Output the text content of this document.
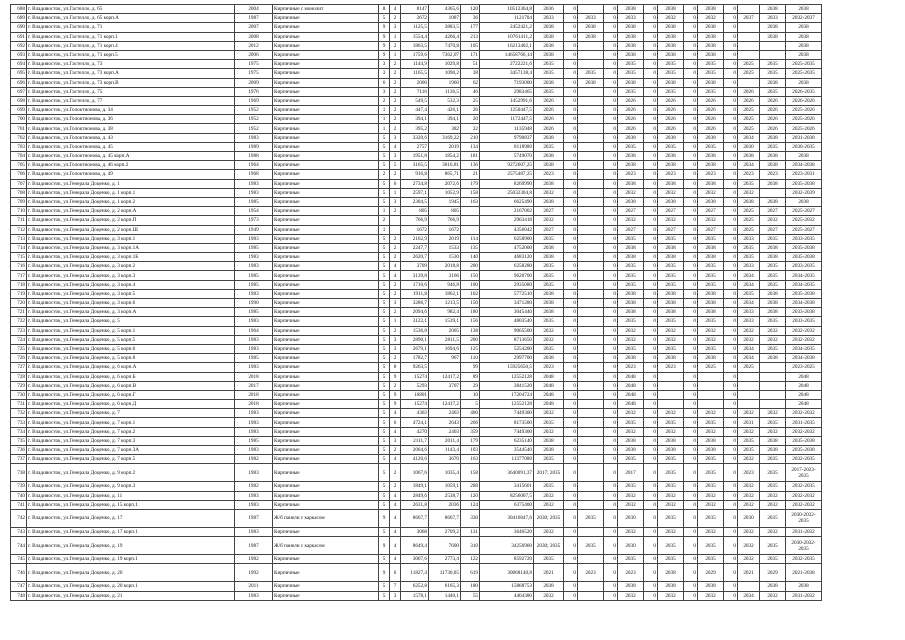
688	г. Владивосток, ул.Гастелло, д. 65	2004	Кирпичные с монолит	8	4	8147	4365,6	120	10512364,8	2036	0		0	2038	0	2038	0	2038	0		2038	2038
689	г. Владивосток, ул.Гастелло, д. 65 корп.А	1987	Кирпичные	5	2	2672	1087	36	1121704	2033	0	2033	0	2033	0	2032	0	2032	0	2037	2033	2032-2037
690	г. Владивосток, ул.Гастелло, д. 71	2007	Кирпичные	9	3	1125,5	3883,5	177	2452421,2	2038	0	2038	0	2038	0	2038	0	2038	0		2038	2038
691	г. Владивосток, ул.Гастелло, д. 71 корп.1	2008	Кирпичные	9	1	1554,4	4266,4	213	10761411,2	2038	0	2038	0	2038	0	2038	0	2038	0		2038	2038
692	г. Владивосток, ул.Гастелло, д. 71 корп.4	2012	Кирпичные	9	2	1863,5	7470,8	105	16213402,1	2038	0		0	2038	0	2038	0	2038	0			2038
693	г. Владивосток, ул.Гастелло, д. 71 корп.5	2006	Кирпичные	9	1	1759,6	7362,07	171	14658766,14	2038	0		0	2038	0	2038	0	2038	0			2038
694	г. Владивосток, ул.Гастелло, д. 73	1975	Кирпичные	3	2	1144,9	1029,8	51	2722221,6	2035	0		0	2035	0	2035	0	2035	0	2025	2035	2025-2035
695	г. Владивосток, ул.Гастелло, д. 73 корп.А	1975	Кирпичные	3	2	1165,5	1090,2	38	3457138,4	2035	0	2035	0	2035	0	2035	0	2035	0	2025	2035	2025-2035
696	г. Владивосток, ул.Гастелло, д. 73 корп.В	2009	Кирпичные	6	2	2000	1960	62	7193000	2038	0	2038	0	2038	0	2038	0	2038	0		2038	2038
697	г. Владивосток, ул.Гастелло, д. 75	1976	Кирпичные	3	2	7116	1136,5	46	2983465	2035	0		0	2035	0	2035	0	2035	0	2026	2035	2026-2035
698	г. Владивосток, ул.Гастелло, д. 77	1969	Кирпичные	2	2	549,5	532,3	25	1452991,6	2026	0		0	2026	0	2026	0	2026	0	2026	2026	2026-2026
699	г. Владивосток, ул.Голоктионова, д. 34	1952	Кирпичные	1	2	447,4	426,1	26	1250447,5	2026	0		0	2026	0	2026	0	2026	0	2025	2026	2025-2026
700	г. Владивосток, ул.Голоктионова, д. 36	1952	Кирпичные	1	2	394,1	394,1	20	1172447,5	2026	0		0	2026	0	2026	0	2026	0	2025	2026	2025-2026
701	г. Владивосток, ул.Голоктионова, д. 38	1952	Кирпичные	1	2	395,2	382	22	1135948	2026	0		0	2026	0	2026	0	2026	0	2025	2026	2025-2026
702	г. Владивосток, ул.Голоктионова, д. 43	1983	Кирпичные	5	3	3320,6	3169,22	210	9790837	2038	0		0	2038	0	2038	0	2038	0	2034	2038	2031-2038
703	г. Владивосток, ул.Голоктионова, д. 45	1989	Кирпичные	5	4	2757	2019	134	8118900	2035	0		0	2035	0	2035	0	2035	0	2030	2035	2030-2035
704	г. Владивосток, ул.Голоктионова, д. 45 корп.А	1988	Кирпичные	5	3	1951,8	1854,2	181	5749070	2038	0		0	2038	0	2038	0	2038	0	2038	2038	2038
705	г. Владивосток, ул.Голоктионова, д. 46 корп.2	1964	Кирпичные	5	5	3165,5	3016,81	136	9272607,25	2038	0		0	2038	0	2038	0	2038	0	2034	2038	2034-2038
706	г. Владивосток, ул.Голоктионова, д. 49	1968	Кирпичные	2	2	916,8	865,71	21	2575487,25	2023	0		0	2023	0	2023	0	2023	0	2023	2023	2023-2031
707	г. Владивосток, ул.Генерала Доценко, д. 1	1983	Кирпичные	5	6	2734,8	2072,6	179	8269990	2038	0		0	2038	0	2038	0	2038	0	2035	2038	2035-2038
708	г. Владивосток, ул.Генерала Доценко, д. 1 корп.1	1983	Кирпичные	5	1	2597,1	1052,9	158	25032304,8	2032	0		0	2032	0	2032	0	2032	0	2032		2032-2039
709	г. Владивосток, ул.Генерала Доценко, д. 1 корп.2	1985	Кирпичные	5	3	2304,5	1945	163	6625490	2038	0		0	2038	0	2038	0	2038	0	2038	2038	2038
710	г. Владивосток, ул.Генерала Доценко, д. 2 корп.А	1954	Кирпичные	1	2	805	805		2167002	2027	0		0	2027	0	2027	0	2027	0	2025	2027	2025-2027
711	г. Владивосток, ул.Генерала Доценко, д. 2 корп.П	1973	Кирпичные	2		766,9	766,9		2963418	2032	0		0	2032	0	2032	0	2032	0	2025	2032	2025-2032
712	г. Владивосток, ул.Генерала Доценко, д. 2 корп.Ш	1949	Кирпичные	1		1672	1672		4356042	2027	0		0	2027	0	2027	0	2027	0	2025	2027	2025-2027
713	г. Владивосток, ул.Генерала Доценко, д. 3 корп.1	1983	Кирпичные	5	2	2162,9	2019	114	6258900	2035	0		0	2035	0	2035	0	2035	0	2033	2035	2033-2035
714	г. Владивосток, ул.Генерала Доценко, д. 3 корп.1А	1985	Кирпичные	5	2	2247,7	1533	135	4752000	2038	0		0	2038	0	2038	0	2038	0	2035	2038	2035-2038
715	г. Владивосток, ул.Генерала Доценко, д. 3 корп.1Б	1983	Кирпичные	5	2	2620,7	1530	140	4683120	2038	0		0	2038	0	2038	0	2038	0	2035	2038	2035-2038
716	г. Владивосток, ул.Генерала Доценко, д. 3 корп.2	1983	Кирпичные	5	4	3709	2018,8	200	6258280	2035	0		0	2035	0	2035	0	2035	0	2033	2035	2033-2035
717	г. Владивосток, ул.Генерала Доценко, д. 3 корп.3	1985	Кирпичные	5	4	3139,8	3166	150	9620700	2035	0		0	2035	0	2035	0	2035	0	2034	2035	2034-2035
718	г. Владивосток, ул.Генерала Доценко, д. 3 корп.4	1985	Кирпичные	5	2	1710,6	946,8	100	2935080	2035	0		0	2035	0	2035	0	2035	0	2034	2035	2034-2035
719	г. Владивосток, ул.Генерала Доценко, д. 3 корп.5	1983	Кирпичные	5	2	1911,8	1862,1	102	5772510	2038	0		0	2038	0	2038	0	2038	0	2035	2038	2035-2038
720	г. Владивосток, ул.Генерала Доценко, д. 3 корп.6	1990	Кирпичные	5	3	3286,7	1213,5	150	3471280	2038	0		0	2038	0	2038	0	2038	0	2034	2038	2034-2038
721	г. Владивосток, ул.Генерала Доценко, д. 3 корп.А	1985	Кирпичные	5	2	2094,6	982,4	180	3045440	2038	0		0	2038	0	2038	0	2038	0	2033	2038	2033-2038
722	г. Владивосток, ул.Генерала Доценко, д. 5	1983	Кирпичные	5	1	3122,1	1539,1	156	4803540	2035	0		0	2035	0	2035	0	2035	0	2033	2035	2033-2035
723	г. Владивосток, ул.Генерала Доценко, д. 5 корп.1	1964	Кирпичные	5	2	1536,8	2005	138	9065500	2032	0		0	2032	0	2032	0	2032	0	2032	2032	2032-2032
724	г. Владивосток, ул.Генерала Доценко, д. 5 корп.5	1983	Кирпичные	5	3	2890,1	2811,5	200	8713650	2032	0		0	2032	0	2032	0	2032	0	2032	2032	2032-2032
725	г. Владивосток, ул.Генерала Доценко, д. 5 корп.6	1983	Кирпичные	5	3	2679,1	1694,6	125	5254200	2035	0		0	2035	0	2035	0	2035	0	2034	2035	2034-2035
726	г. Владивосток, ул.Генерала Доценко, д. 5 корп.8	1985	Кирпичные	5	2	1782,7	967	110	2997700	2038	0		0	2038	0	2038	0	2038	0	2034	2038	2034-2038
727	г. Владивосток, ул.Генерала Доценко, д. 6 корп.А	1983	Кирпичные	5	8	9263,5		99	15925650,5	2023	0		0	2023	0	2023	0	2025	0	2025		2023-2025
728	г. Владивосток, ул.Генерала Доценко, д. 6 корп.Б	2018	Кирпичные	5	9	15274	12417,2	89	12552128	2048	0		0	2048	0		0		0			2048
729	г. Владивосток, ул.Генерала Доценко, д. 6 корп.В	2017	Кирпичные	5	2	5293	3707	29	3841520	2048	0		0	2048	0		0		0			2048
730	г. Владивосток, ул.Генерала Доценко, д. 6 корп.Г	2018	Кирпичные	5	9	16801		10	17204724	2048	0		0	2048	0		0		0			2048
731	г. Владивосток, ул.Генерала Доценко, д. 6 корп.Д	2018	Кирпичные	5	9	15274	12417,2	5	12552128	2048	0		0	2048	0		0		0			2048
732	г. Владивосток, ул.Генерала Доценко, д. 7	1983	Кирпичные	5	4	4303	2403	400	7449300	2032	0		0	2032	0	2032	0	2032	0	2032	2032	2032-2032
733	г. Владивосток, ул.Генерала Доценко, д. 7 корп.1	1983	Кирпичные	5	6	4724,1	2643	266	8173500	2035	0		0	2035	0	2035	0	2035	0	2031	2035	2031-2035
734	г. Владивосток, ул.Генерала Доценко, д. 7 корп.2	1983	Кирпичные	5	4	4270	2403	359	7449300	2032	0		0	2032	0	2032	0	2032	0	2032	2032	2032-2032
735	г. Владивосток, ул.Генерала Доценко, д. 7 корп.3	1985	Кирпичные	5	3	2111,7	2011,4	179	6235140	2038	0		0	2038	0	2038	0	2038	0	2035	2038	2035-2038
736	г. Владивосток, ул.Генерала Доценко, д. 7 корп.3А	1983	Кирпичные	5	2	2064,6	1143,4	103	3544540	2038	0		0	2038	0	2038	0	2038	0	2035	2038	2035-2038
737	г. Владивосток, ул.Генерала Доценко, д. 7 корп.5	1982	Кирпичные	5	4	4120,6	3670	163	11377000	2035	0		0	2035	0	2035	0	2035	0	2032	2035	2032-2035
738	г. Владивосток, ул.Генерала Доценко, д. 9 корп.2	1983	Кирпичные	5	2	1067,6	1035,4	158	3640091,37	2017; 2035	0		0	2017	0	2035	0	2035	0	2023	2035	2017-2023-2035
739	г. Владивосток, ул.Генерала Доценко, д. 9 корп.3	1982	Кирпичные	5	2	1849,1	1059,1	288	3415601	2035	0		0	2035	0	2035	0	2035	0	2032	2035	2032-2035
740	г. Владивосток, ул.Генерала Доценко, д. 11	1983	Кирпичные	5	4	2849,6	2538,7	120	8256007,5	2032	0		0	2032	0	2032	0	2032	0	2032	2032	2032-2032
741	г. Владивосток, ул.Генерала Доценко, д. 15 корп.1	1983	Кирпичные	5	4	2631,8	2036	124	6375400	2032	0		0	2032	0	2032	0	2032	0	2032	2032	2032-2032
742	г. Владивосток, ул.Генерала Доценко, д. 17	1987	Ж/б панели с каркасом	9	4	8667,7	8667,7	330	30416847,6	2030; 2035	0	2035	0	2030	0	2035	0	2035	0	2030	2035	2030-2032-2035
743	г. Владивосток, ул.Генерала Доценко, д. 17 корп.1	1983	Кирпичные	5	4	3068	2709,2	131	3646520	2032	0		0	2032	0	2032	0	2032	0	2032	2032	2031-2032
744	г. Владивосток, ул.Генерала Доценко, д. 19	1987	Ж/б панели с каркасом	9	4	8649,4	7600	310	34256960	2030; 2035	0	2035	0	2030	0	2035	0	2035	0	2032	2035	2030-2032-2035
745	г. Владивосток, ул.Генерала Доценко, д. 19 корп.1	1982	Кирпичные	5	4	3067,6	2773,4	122	8592720	2035	0		0	2035	0	2035	0	2035	0	2032	2035	2032-2035
746	г. Владивосток, ул.Генерала Доценко, д. 20	1992	Кирпичные	9	6	11827,4	11730,05	619	30068140,8	2021	0	2023	0	2023	0	2038	0	2029	0	2021	2029	2021-2038
747	г. Владивосток, ул.Генерала Доценко, д. 20 корп.1	2011	Кирпичные	5	7	6252,8	6165,3	180	15868753	2038	0		0	2038	0	2038	0	2038	0		2038	2038
748	г. Владивосток, ул.Генерала Доценко, д. 21	1983	Кирпичные	5	3	1578,1	1440,1	55	4464380	2032	0		0	2032	0	2032	0	2032	0	2034	2032	2031-2032
